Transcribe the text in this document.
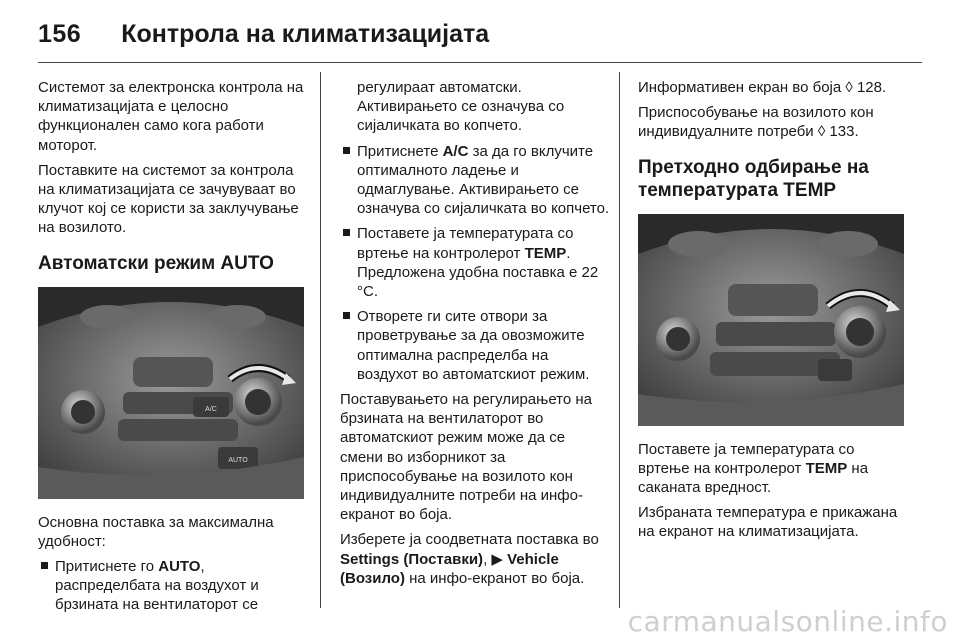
156 Контрола на климатизацијата

Системот за електронска контрола на климатизацијата е целосно функционален само кога работи моторот.

Поставките на системот за контрола на климатизацијата се зачувуваат во клучот кој се користи за заклучување на возилото.

Автоматски режим AUTO
A/C
AUTO

Основна поставка за максимална удобност:

Притиснете го AUTO, распределбата на воздухот и брзината на вентилаторот се

регулираат автоматски. Активирањето се означува со сијаличката во копчето.

Притиснете A/C за да го вклучите оптималното ладење и одмаглување. Активирањето се означува со сијаличката во копчето.
Поставете ја температурата со вртење на контролерот TEMP. Предложена удобна поставка е 22 °C.
Отворете ги сите отвори за проветрување за да овозможите оптимална распределба на воздухот во автоматскиот режим.

Поставувањето на регулирањето на брзината на вентилаторот во автоматскиот режим може да се смени во изборникот за приспособување на возилото кон индивидуалните потреби на инфо-екранот во боја.

Изберете ја соодветната поставка во Settings (Поставки), ▶ Vehicle (Возило) на инфо-екранот во боја.

Информативен екран во боја ◊ 128.

Приспособување на возилото кон индивидуалните потреби ◊ 133.

Претходно одбирање на температурата TEMP

Поставете ја температурата со вртење на контролерот TEMP на саканата вредност.

Избраната температура е прикажана на екранот на климатизацијата.

carmanualsonline.info
